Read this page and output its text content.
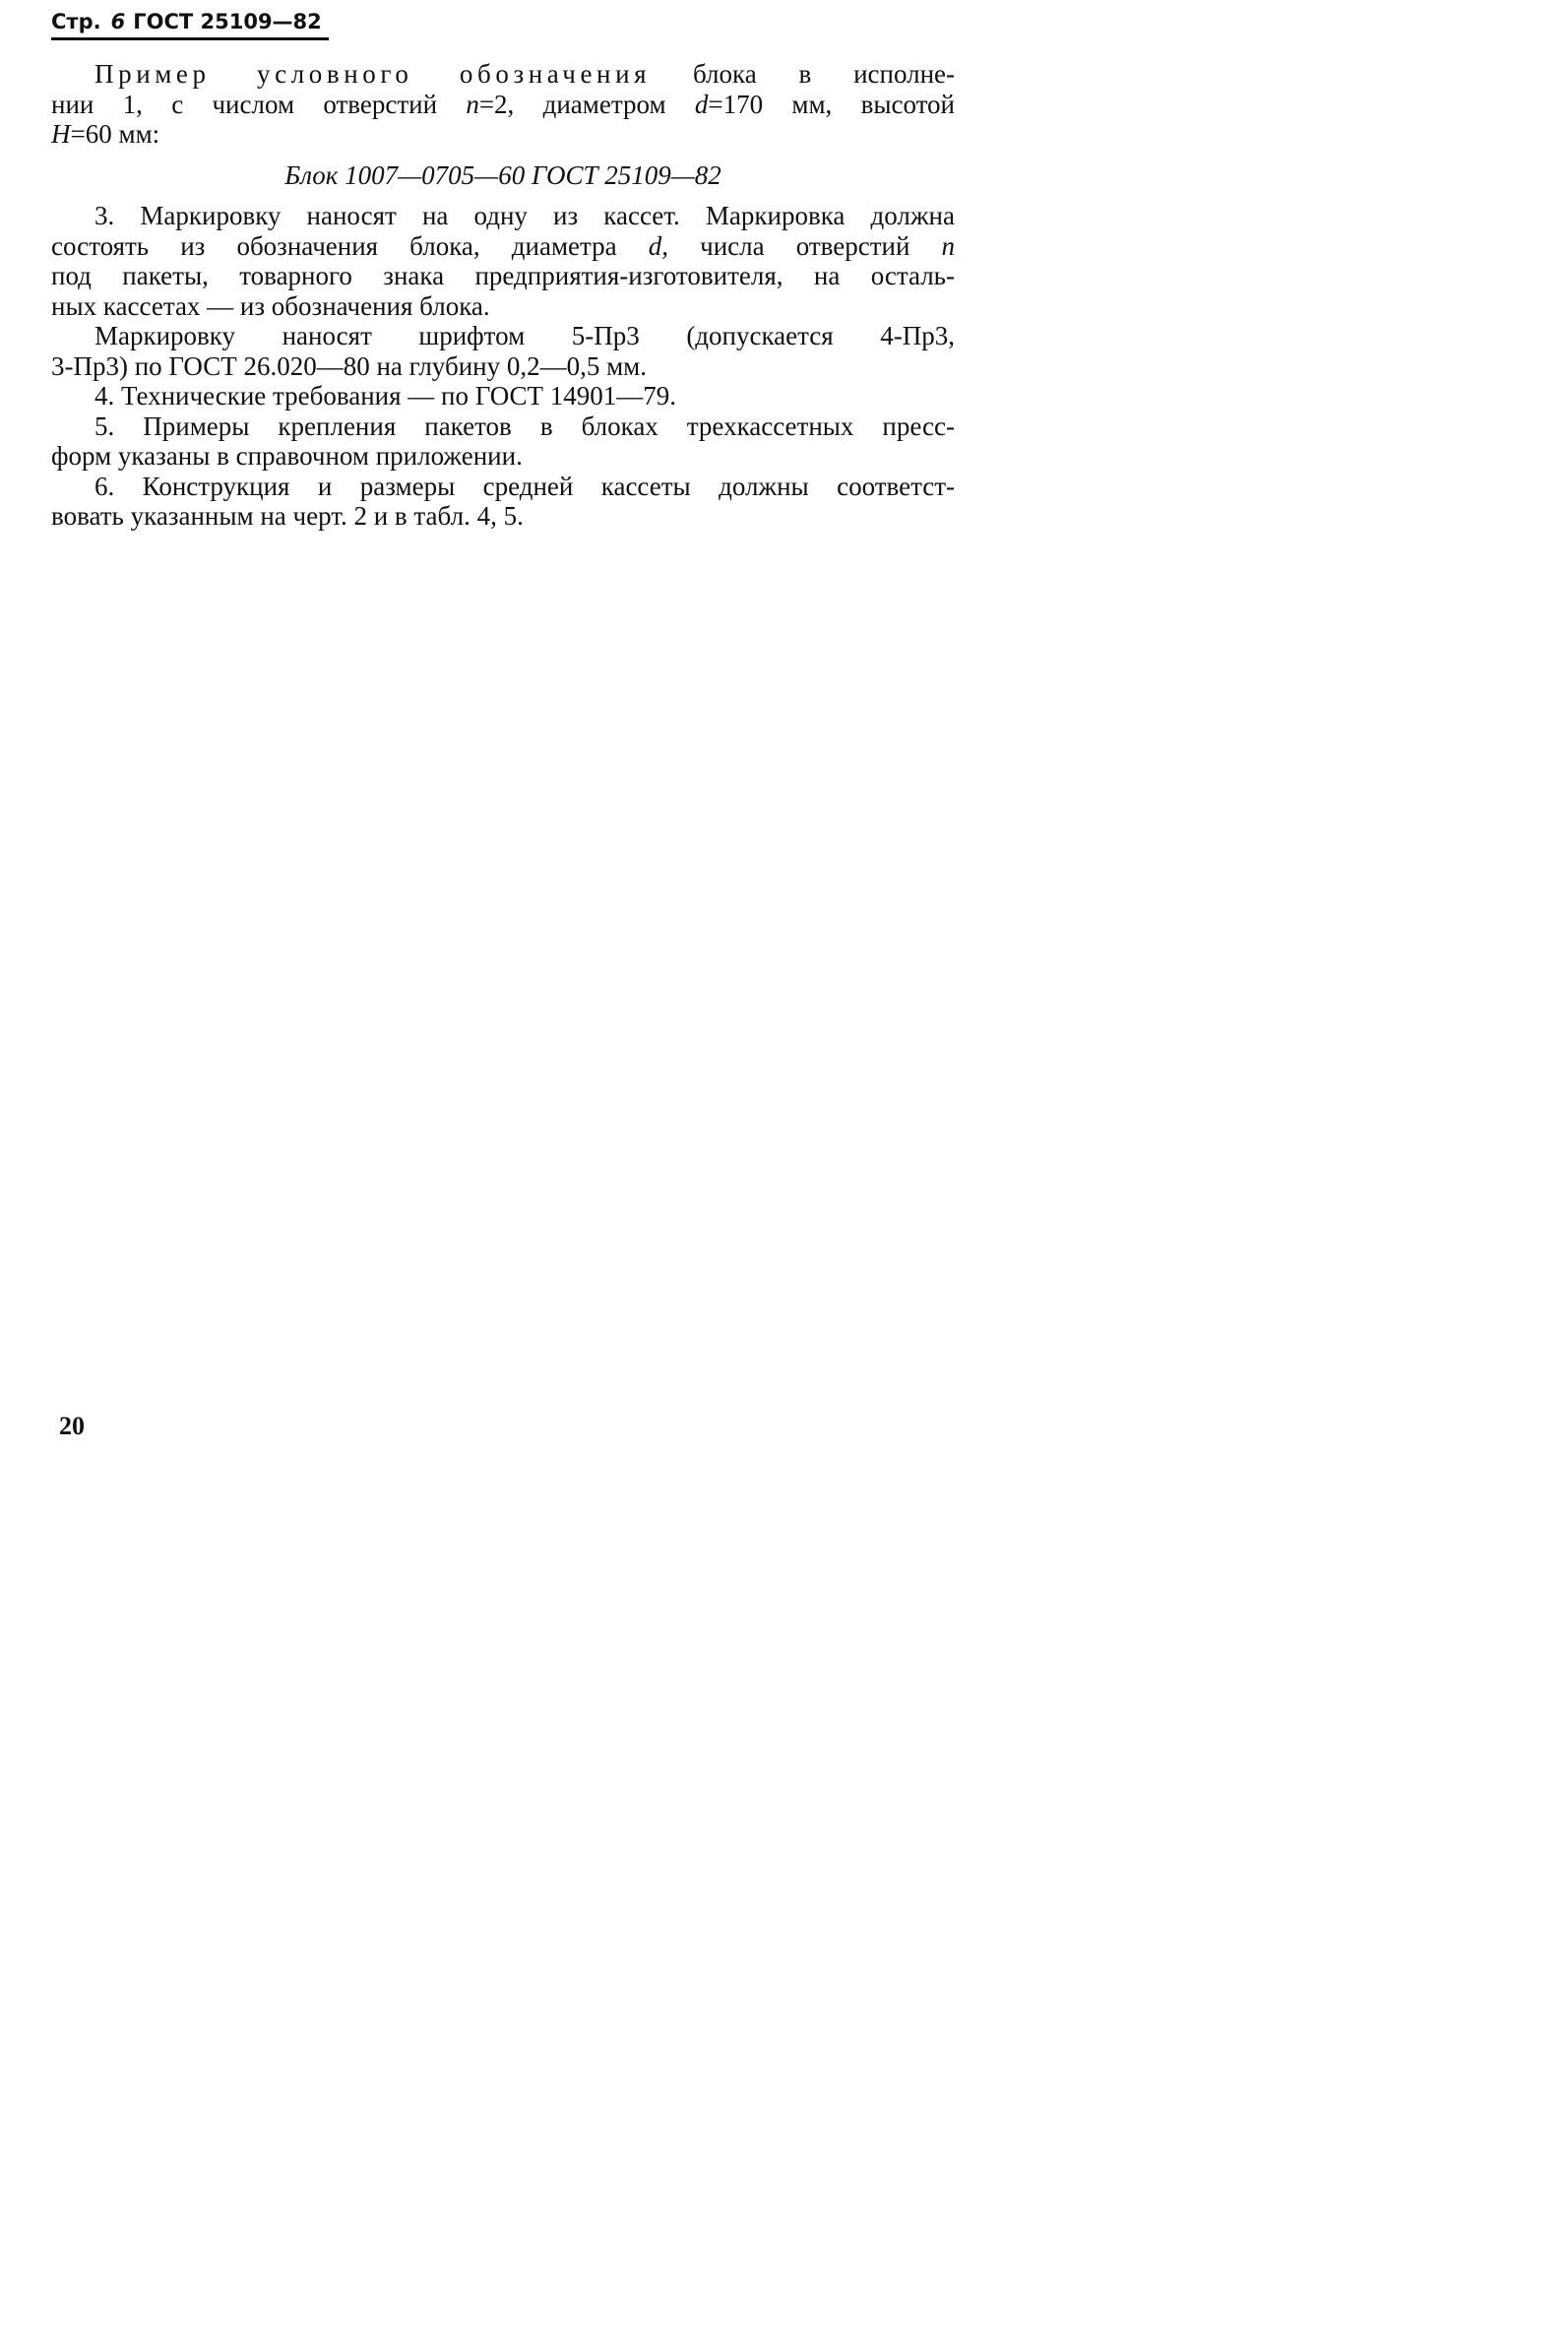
Стр. 6 ГОСТ 25109—82
Пример условного обозначения блока в исполне-
нии 1, с числом отверстий n=2, диаметром d=170 мм, высотой
H=60 мм:
Блок 1007—0705—60 ГОСТ 25109—82
3. Маркировку наносят на одну из кассет. Маркировка должна
состоять из обозначения блока, диаметра d, числа отверстий n
под пакеты, товарного знака предприятия-изготовителя, на осталь-
ных кассетах — из обозначения блока.
Маркировку наносят шрифтом 5-Пр3 (допускается 4-Пр3,
3-Пр3) по ГОСТ 26.020—80 на глубину 0,2—0,5 мм.
4. Технические требования — по ГОСТ 14901—79.
5. Примеры крепления пакетов в блоках трехкассетных пресс-
форм указаны в справочном приложении.
6. Конструкция и размеры средней кассеты должны соответст-
вовать указанным на черт. 2 и в табл. 4, 5.
20
